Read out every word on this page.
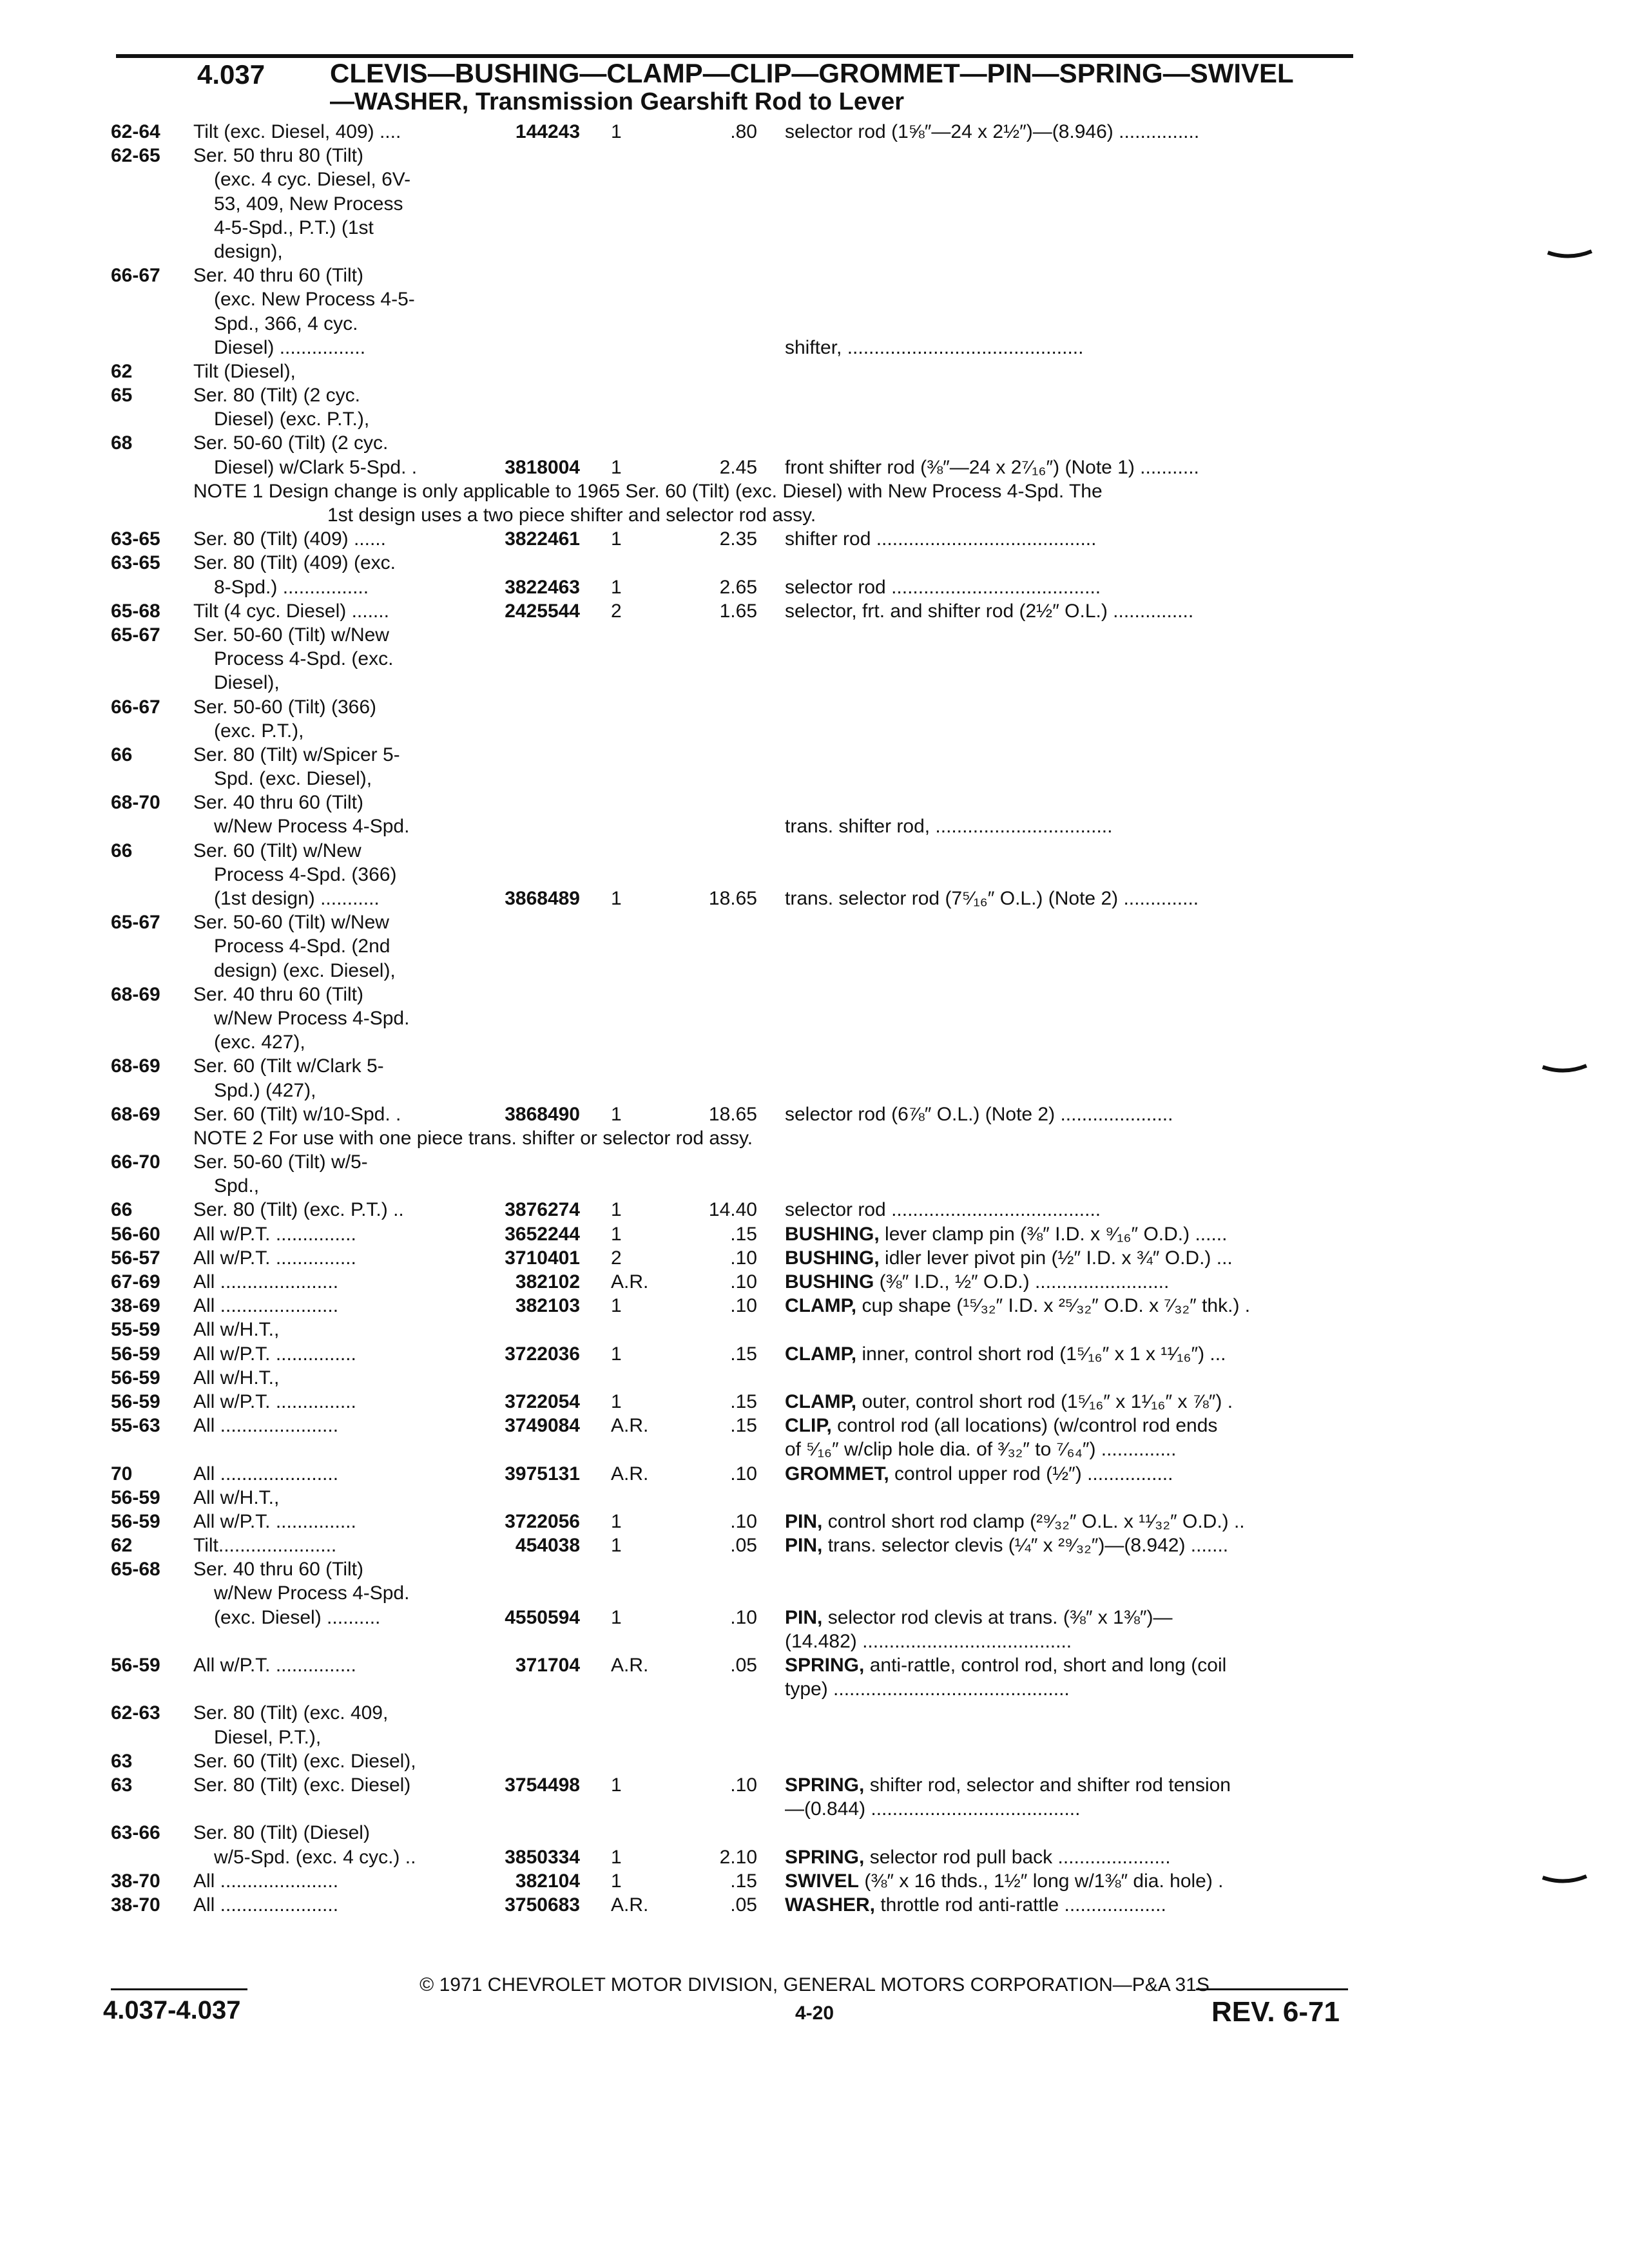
4.037 CLEVIS—BUSHING—CLAMP—CLIP—GROMMET—PIN—SPRING—SWIVEL
—WASHER, Transmission Gearshift Rod to Lever
62-64 Tilt (exc. Diesel, 409) ....	144243 1	.80 selector rod (1⅝″—24 x 2½″)—(8.946) ...............
62-65 Ser. 50 thru 80 (Tilt)
(exc. 4 cyc. Diesel, 6V-
53, 409, New Process
4-5-Spd., P.T.) (1st
design),
66-67 Ser. 40 thru 60 (Tilt)
(exc. New Process 4-5-
Spd., 366, 4 cyc.
Diesel) ................	shifter, ............................................
62	Tilt (Diesel),
65	Ser. 80 (Tilt) (2 cyc.
Diesel) (exc. P.T.),
68	Ser. 50-60 (Tilt) (2 cyc.
Diesel) w/Clark 5-Spd. .	3818004 1	2.45 front shifter rod (⅜″—24 x 2⁷⁄₁₆″) (Note 1) ...........
NOTE 1 Design change is only applicable to 1965 Ser. 60 (Tilt) (exc. Diesel) with New Process 4-Spd. The
1st design uses a two piece shifter and selector rod assy.
63-65 Ser. 80 (Tilt) (409) ......	3822461 1	2.35 shifter rod .........................................
63-65 Ser. 80 (Tilt) (409) (exc.
8-Spd.) ................	3822463 1	2.65 selector rod .......................................
65-68 Tilt (4 cyc. Diesel) .......	2425544 2	1.65 selector, frt. and shifter rod (2½″ O.L.) ...............
65-67 Ser. 50-60 (Tilt) w/New
Process 4-Spd. (exc.
Diesel),
66-67 Ser. 50-60 (Tilt) (366)
(exc. P.T.),
66	Ser. 80 (Tilt) w/Spicer 5-
Spd. (exc. Diesel),
68-70 Ser. 40 thru 60 (Tilt)
w/New Process 4-Spd.	trans. shifter rod, .................................
66	Ser. 60 (Tilt) w/New
Process 4-Spd. (366)
(1st design) ...........	3868489 1	18.65 trans. selector rod (7⁵⁄₁₆″ O.L.) (Note 2) ..............
65-67 Ser. 50-60 (Tilt) w/New
Process 4-Spd. (2nd
design) (exc. Diesel),
68-69 Ser. 40 thru 60 (Tilt)
w/New Process 4-Spd.
(exc. 427),
68-69 Ser. 60 (Tilt w/Clark 5-
Spd.) (427),
68-69 Ser. 60 (Tilt) w/10-Spd. .	3868490 1	18.65 selector rod (6⅞″ O.L.) (Note 2) .....................
NOTE 2 For use with one piece trans. shifter or selector rod assy.
66-70 Ser. 50-60 (Tilt) w/5-
Spd.,
66	Ser. 80 (Tilt) (exc. P.T.) ..	3876274 1	14.40 selector rod .......................................
56-60 All w/P.T. ...............	3652244 1	.15 BUSHING, lever clamp pin (⅜″ I.D. x ⁹⁄₁₆″ O.D.) ......
56-57 All w/P.T. ...............	3710401 2	.10 BUSHING, idler lever pivot pin (½″ I.D. x ¾″ O.D.) ...
67-69 All ......................	382102 A.R.	.10 BUSHING (⅜″ I.D., ½″ O.D.) .........................
38-69 All ......................	382103 1	.10 CLAMP, cup shape (¹⁵⁄₃₂″ I.D. x ²⁵⁄₃₂″ O.D. x ⁷⁄₃₂″ thk.) .
55-59 All w/H.T.,
56-59 All w/P.T. ...............	3722036 1	.15 CLAMP, inner, control short rod (1⁵⁄₁₆″ x 1 x ¹¹⁄₁₆″) ...
56-59 All w/H.T.,
56-59 All w/P.T. ...............	3722054 1	.15 CLAMP, outer, control short rod (1⁵⁄₁₆″ x 1¹⁄₁₆″ x ⅞″) .
55-63 All ......................	3749084 A.R.	.15 CLIP, control rod (all locations) (w/control rod ends
of ⁵⁄₁₆″ w/clip hole dia. of ³⁄₃₂″ to ⁷⁄₆₄″) ..............
70	All ......................	3975131 A.R.	.10 GROMMET, control upper rod (½″) ................
56-59 All w/H.T.,
56-59 All w/P.T. ...............	3722056 1	.10 PIN, control short rod clamp (²⁹⁄₃₂″ O.L. x ¹¹⁄₃₂″ O.D.) ..
62	Tilt......................	454038 1	.05 PIN, trans. selector clevis (¼″ x ²⁹⁄₃₂″)—(8.942) .......
65-68 Ser. 40 thru 60 (Tilt)
w/New Process 4-Spd.
(exc. Diesel) ..........	4550594 1	.10 PIN, selector rod clevis at trans. (⅜″ x 1⅜″)—
(14.482) .......................................
56-59 All w/P.T. ...............	371704 A.R.	.05 SPRING, anti-rattle, control rod, short and long (coil
type) ............................................
62-63 Ser. 80 (Tilt) (exc. 409,
Diesel, P.T.),
63	Ser. 60 (Tilt) (exc. Diesel),
63	Ser. 80 (Tilt) (exc. Diesel)	3754498 1	.10 SPRING, shifter rod, selector and shifter rod tension
—(0.844) .......................................
63-66 Ser. 80 (Tilt) (Diesel)
w/5-Spd. (exc. 4 cyc.) ..	3850334 1	2.10 SPRING, selector rod pull back .....................
38-70 All ......................	382104 1	.15 SWIVEL (⅜″ x 16 thds., 1½″ long w/1⅜″ dia. hole) .
38-70 All ......................	3750683 A.R.	.05 WASHER, throttle rod anti-rattle ...................
© 1971 CHEVROLET MOTOR DIVISION, GENERAL MOTORS CORPORATION—P&A 31S
4.037-4.037	4-20	REV. 6-71
